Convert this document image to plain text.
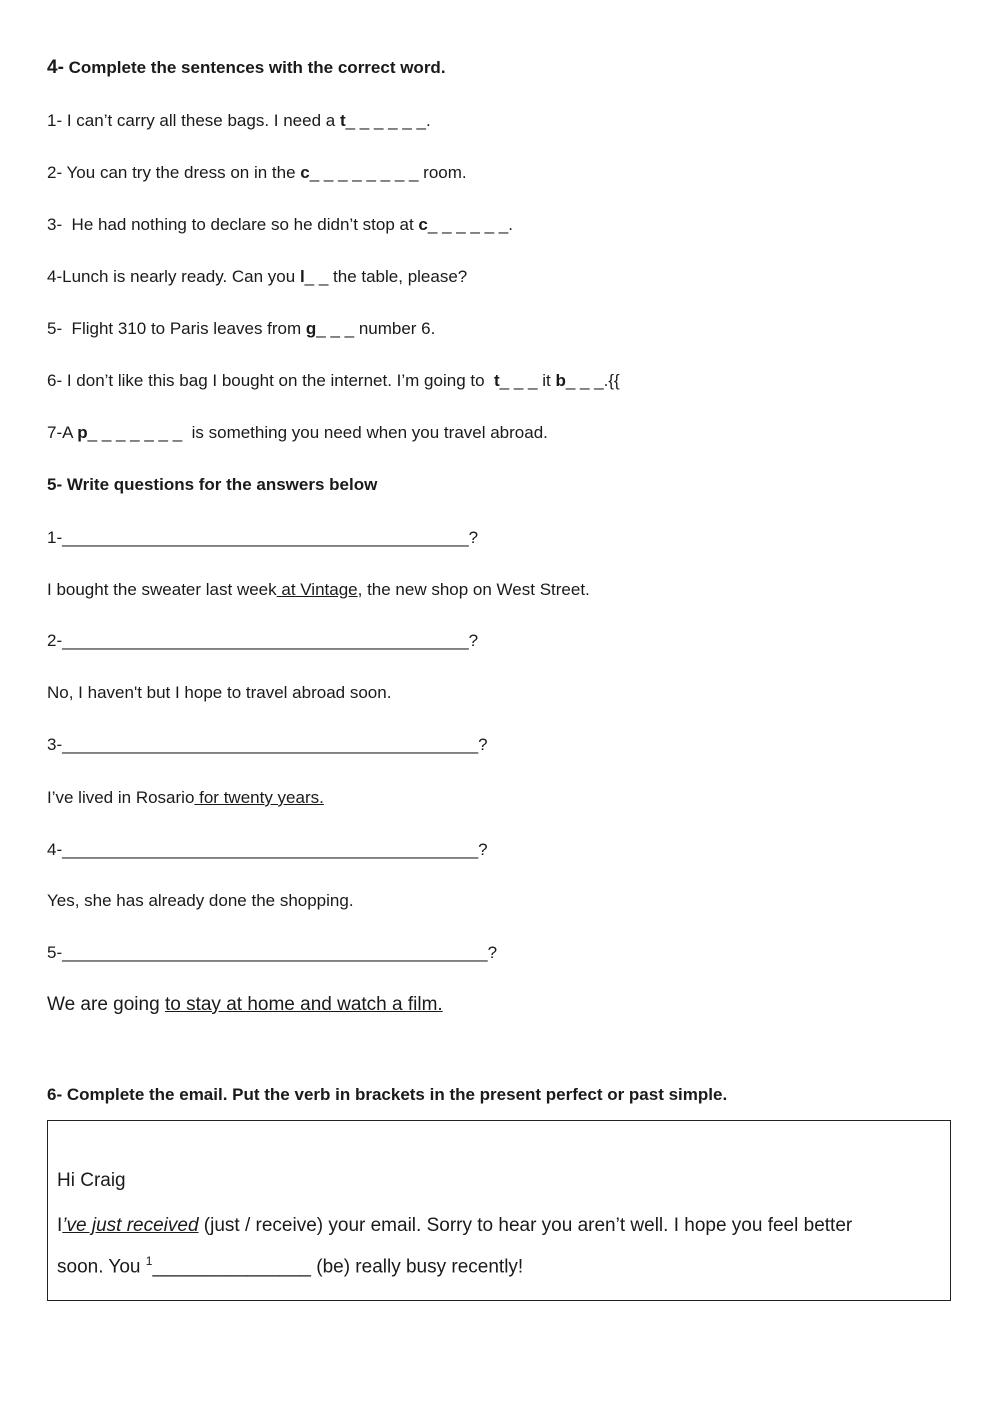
4- Complete the sentences with the correct word.
1- I can’t carry all these bags. I need a t_ _ _ _ _ _.
2- You can try the dress on in the c_ _ _ _ _ _ _ _ room.
3-  He had nothing to declare so he didn’t stop at c_ _ _ _ _ _.
4-Lunch is nearly ready. Can you l_ _ the table, please?
5-  Flight 310 to Paris leaves from g_ _ _ number 6.
6- I don’t like this bag I bought on the internet. I’m going to  t_ _ _ it b_ _ _.{{
7-A p_ _ _ _ _ _ _  is something you need when you travel abroad.
5- Write questions for the answers below
1-___________________________________________?
I bought the sweater last week at Vintage, the new shop on West Street.
2-___________________________________________?
No, I haven't but I hope to travel abroad soon.
3-____________________________________________?
I’ve lived in Rosario for twenty years.
4-____________________________________________?
Yes, she has already done the shopping.
5-_____________________________________________?
We are going to stay at home and watch a film.
6- Complete the email. Put the verb in brackets in the present perfect or past simple.
Hi Craig
I’ve just received (just / receive) your email. Sorry to hear you aren’t well. I hope you feel better
soon. You $^1$_______________ (be) really busy recently!
